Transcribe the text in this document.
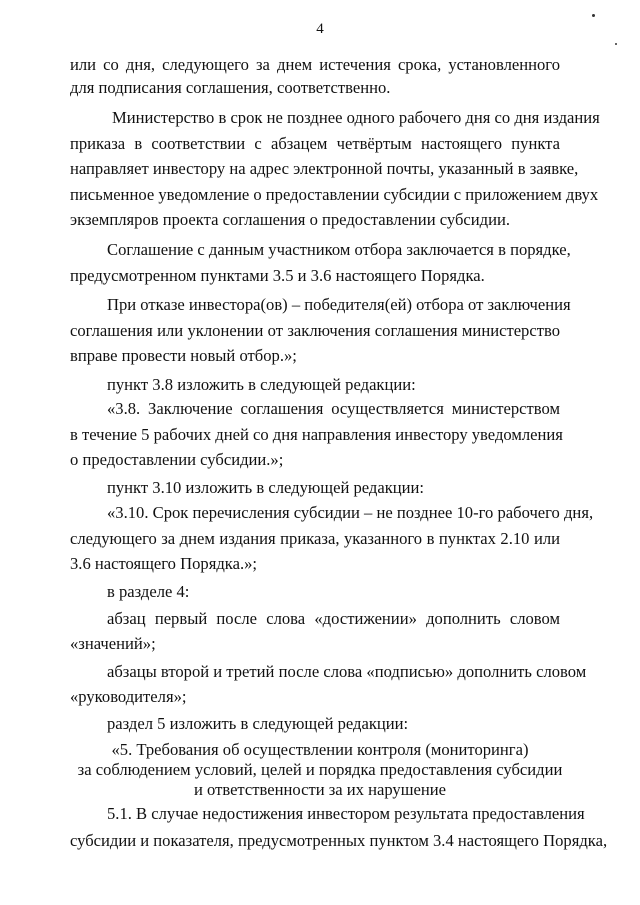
4
или со дня, следующего за днем истечения срока, установленного
для подписания соглашения, соответственно.
Министерство в срок не позднее одного рабочего дня со дня издания
приказа в соответствии с абзацем четвёртым настоящего пункта
направляет инвестору на адрес электронной почты, указанный в заявке,
письменное уведомление о предоставлении субсидии с приложением двух
экземпляров проекта соглашения о предоставлении субсидии.
Соглашение с данным участником отбора заключается в порядке,
предусмотренном пунктами 3.5 и 3.6 настоящего Порядка.
При отказе инвестора(ов) – победителя(ей) отбора от заключения
соглашения или уклонении от заключения соглашения министерство
вправе провести новый отбор.»;
пункт 3.8 изложить в следующей редакции:
«3.8. Заключение соглашения осуществляется министерством
в течение 5 рабочих дней со дня направления инвестору уведомления
о предоставлении субсидии.»;
пункт 3.10 изложить в следующей редакции:
«3.10. Срок перечисления субсидии – не позднее 10-го рабочего дня,
следующего за днем издания приказа, указанного в пунктах 2.10 или
3.6 настоящего Порядка.»;
в разделе 4:
абзац первый после слова «достижении» дополнить словом
«значений»;
абзацы второй и третий после слова «подписью» дополнить словом
«руководителя»;
раздел 5 изложить в следующей редакции:
«5. Требования об осуществлении контроля (мониторинга)
за соблюдением условий, целей и порядка предоставления субсидии
и ответственности за их нарушение
5.1. В случае недостижения инвестором результата предоставления
субсидии и показателя, предусмотренных пунктом 3.4 настоящего Порядка,
